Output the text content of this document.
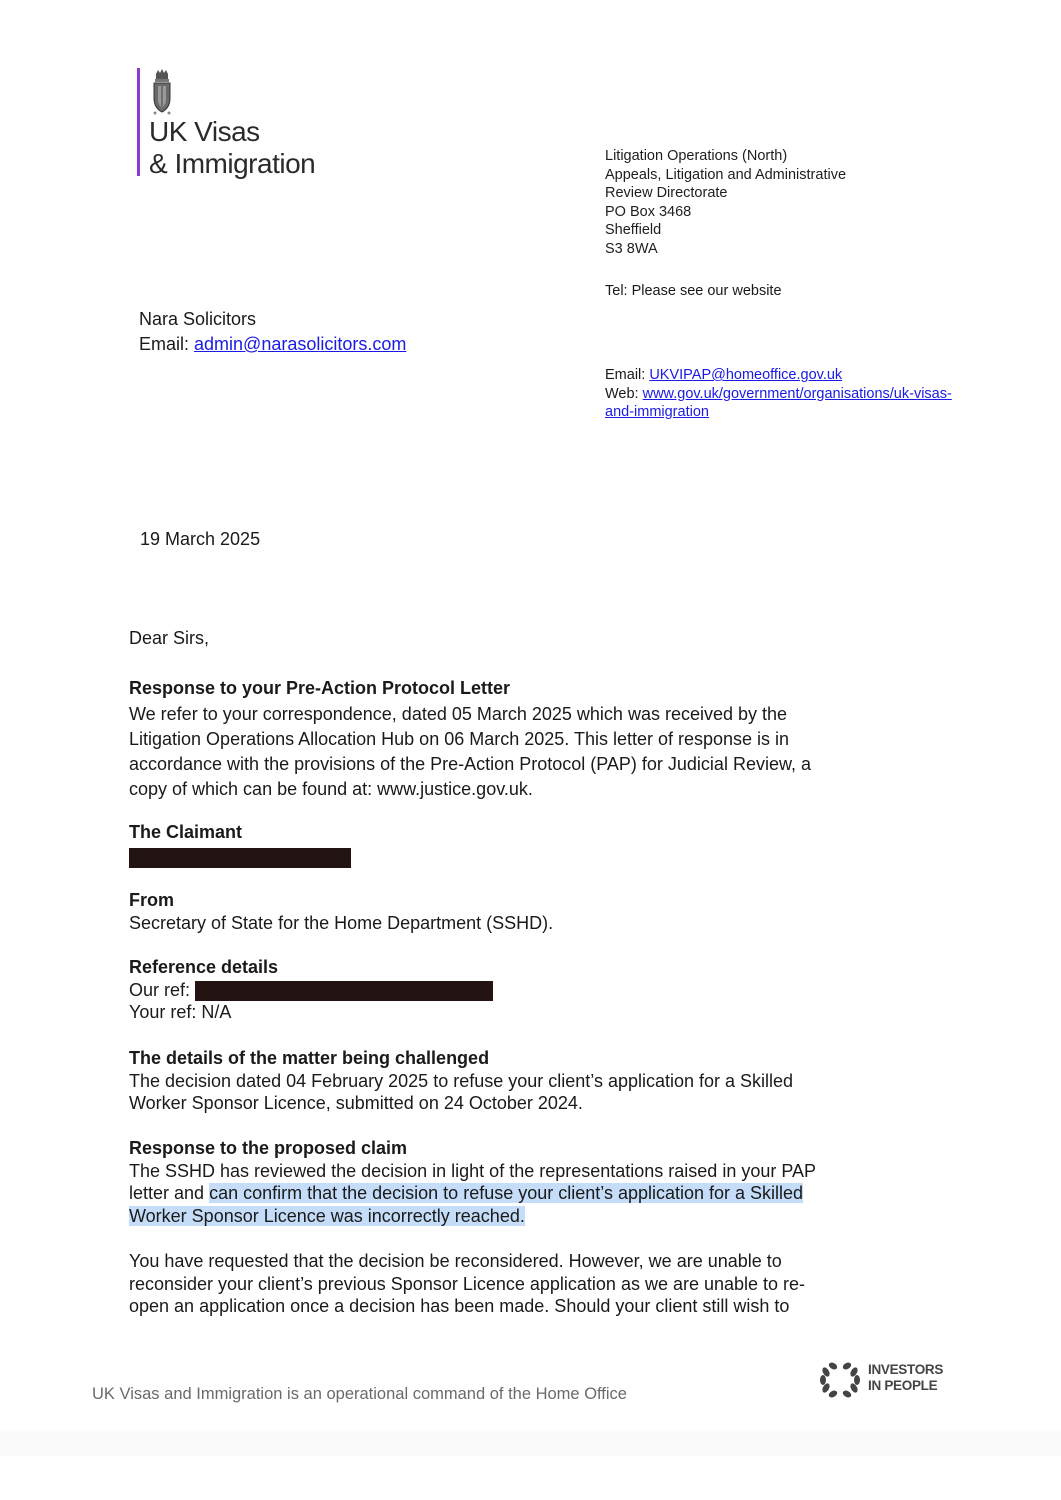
UK Visas
& Immigration	Litigation Operations (North)
Appeals, Litigation and Administrative
Review Directorate
PO Box 3468
Sheffield
S3 8WA
Tel: Please see our website
Email: UKVIPAP@homeoffice.gov.uk
Web: www.gov.uk/government/organisations/uk-visas-
and-immigration
Nara Solicitors
Email: admin@narasolicitors.com
19 March 2025
Dear Sirs,
Response to your Pre-Action Protocol Letter
We refer to your correspondence, dated 05 March 2025 which was received by the
Litigation Operations Allocation Hub on 06 March 2025. This letter of response is in
accordance with the provisions of the Pre-Action Protocol (PAP) for Judicial Review, a
copy of which can be found at: www.justice.gov.uk.
The Claimant
From
Secretary of State for the Home Department (SSHD).
Reference details
Our ref:
Your ref: N/A
The details of the matter being challenged
The decision dated 04 February 2025 to refuse your client’s application for a Skilled
Worker Sponsor Licence, submitted on 24 October 2024.
Response to the proposed claim
The SSHD has reviewed the decision in light of the representations raised in your PAP
letter and can confirm that the decision to refuse your client’s application for a Skilled
Worker Sponsor Licence was incorrectly reached.
You have requested that the decision be reconsidered. However, we are unable to
reconsider your client’s previous Sponsor Licence application as we are unable to re-
open an application once a decision has been made. Should your client still wish to
UK Visas and Immigration is an operational command of the Home Office
INVESTORS
IN PEOPLE
